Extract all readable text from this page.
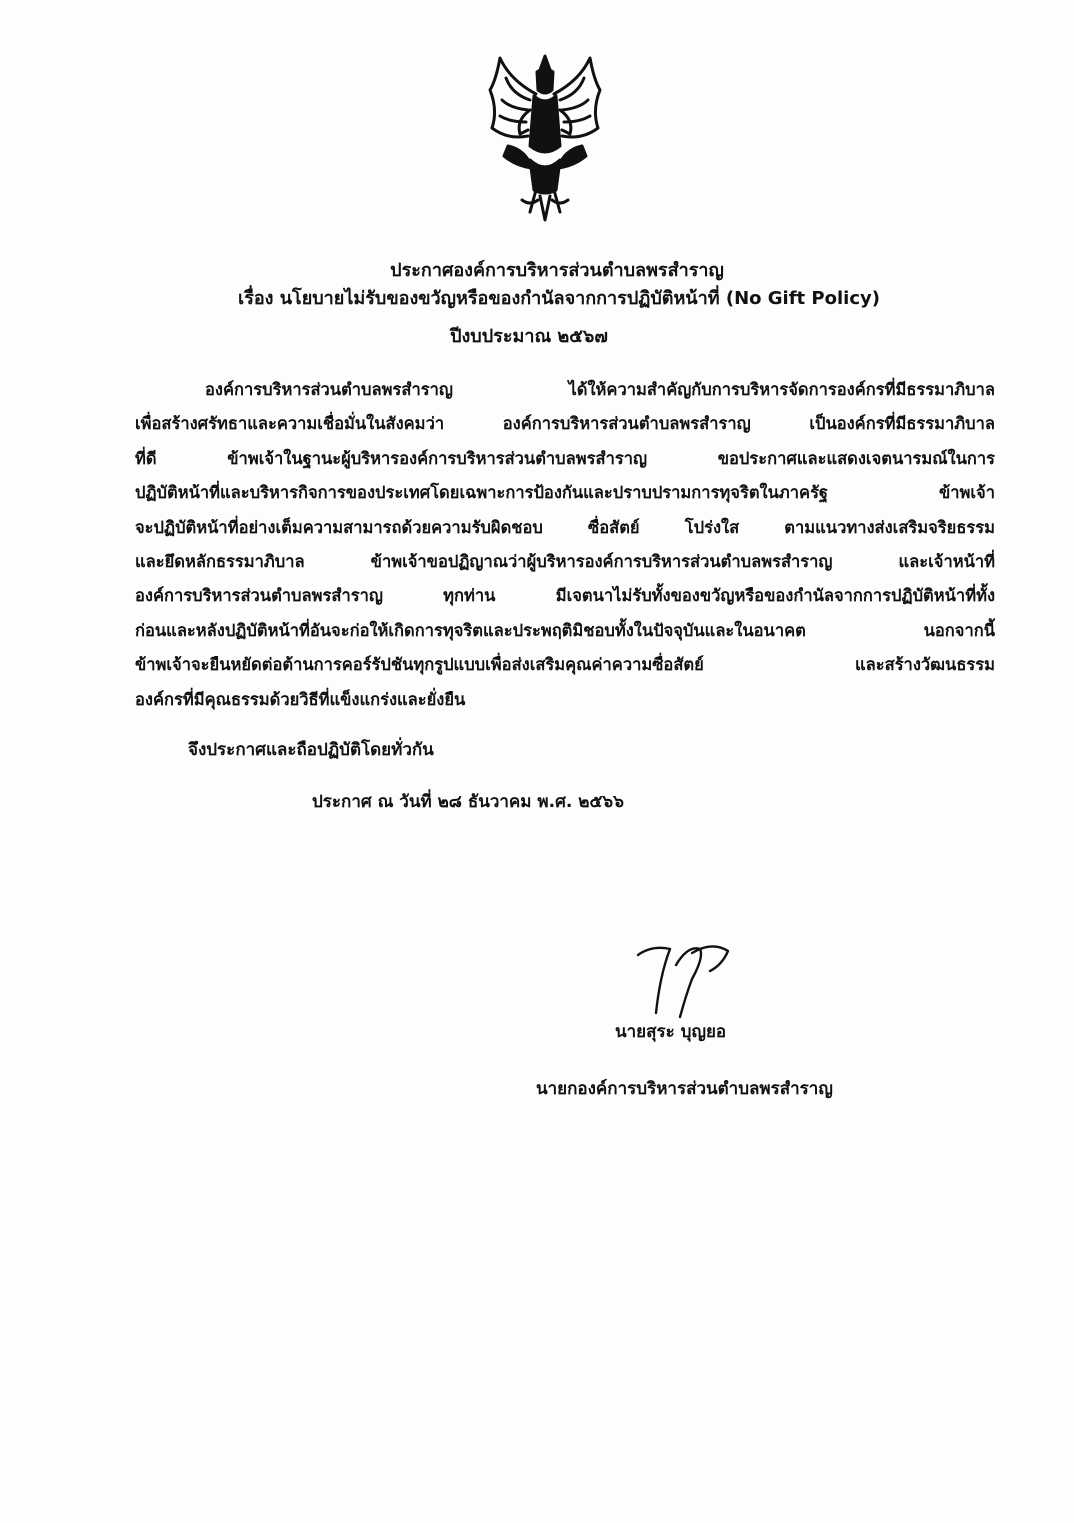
ประกาศองค์การบริหารส่วนตำบลพรสำราญ
เรื่อง นโยบายไม่รับของขวัญหรือของกำนัลจากการปฏิบัติหน้าที่ (No Gift Policy)
ปีงบประมาณ ๒๕๖๗
องค์การบริหารส่วนตำบลพรสำราญ ได้ให้ความสำคัญกับการบริหารจัดการองค์กรที่มีธรรมาภิบาล
เพื่อสร้างศรัทธาและความเชื่อมั่นในสังคมว่า องค์การบริหารส่วนตำบลพรสำราญ เป็นองค์กรที่มีธรรมาภิบาล
ที่ดี ข้าพเจ้าในฐานะผู้บริหารองค์การบริหารส่วนตำบลพรสำราญ ขอประกาศและแสดงเจตนารมณ์ในการ
ปฏิบัติหน้าที่และบริหารกิจการของประเทศโดยเฉพาะการป้องกันและปราบปรามการทุจริตในภาครัฐ ข้าพเจ้า
จะปฏิบัติหน้าที่อย่างเต็มความสามารถด้วยความรับผิดชอบ ซื่อสัตย์ โปร่งใส ตามแนวทางส่งเสริมจริยธรรม
และยึดหลักธรรมาภิบาล ข้าพเจ้าขอปฏิญาณว่าผู้บริหารองค์การบริหารส่วนตำบลพรสำราญ และเจ้าหน้าที่
องค์การบริหารส่วนตำบลพรสำราญ ทุกท่าน มีเจตนาไม่รับทั้งของขวัญหรือของกำนัลจากการปฏิบัติหน้าที่ทั้ง
ก่อนและหลังปฏิบัติหน้าที่อันจะก่อให้เกิดการทุจริตและประพฤติมิชอบทั้งในปัจจุบันและในอนาคต นอกจากนี้
ข้าพเจ้าจะยืนหยัดต่อต้านการคอร์รัปชันทุกรูปแบบเพื่อส่งเสริมคุณค่าความซื่อสัตย์ และสร้างวัฒนธรรม
องค์กรที่มีคุณธรรมด้วยวิธีที่แข็งแกร่งและยั่งยืน
จึงประกาศและถือปฏิบัติโดยทั่วกัน
ประกาศ ณ วันที่ ๒๘ ธันวาคม พ.ศ. ๒๕๖๖
นายสุระ บุญยอ
นายกองค์การบริหารส่วนตำบลพรสำราญ
